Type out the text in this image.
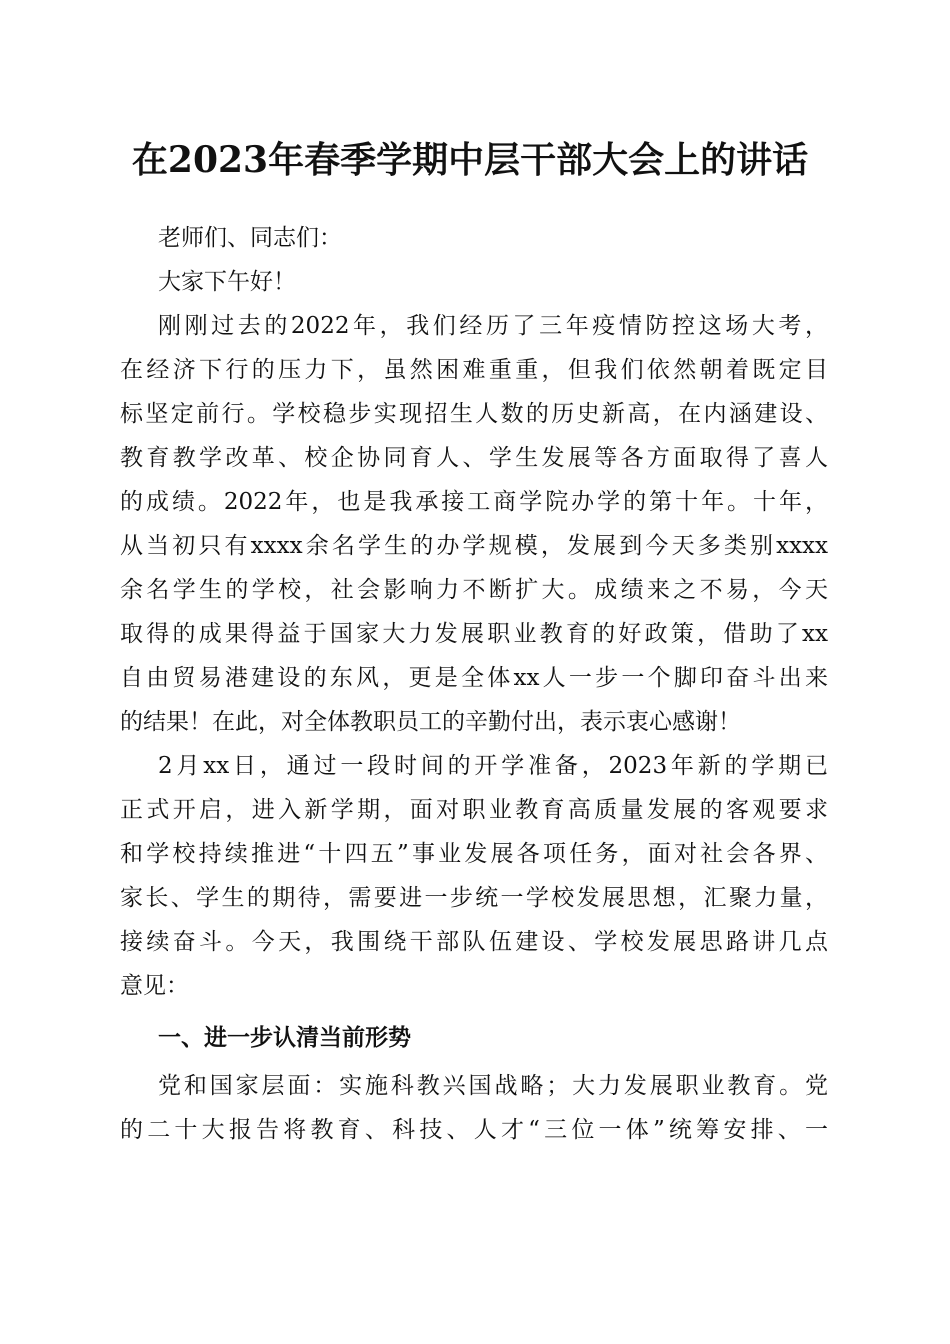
在2023年春季学期中层干部大会上的讲话
老师们、同志们：
大家下午好！
刚刚过去的2022年，我们经历了三年疫情防控这场大考，
在经济下行的压力下，虽然困难重重，但我们依然朝着既定目
标坚定前行。学校稳步实现招生人数的历史新高，在内涵建设、
教育教学改革、校企协同育人、学生发展等各方面取得了喜人
的成绩。2022年，也是我承接工商学院办学的第十年。十年，
从当初只有xxxx余名学生的办学规模，发展到今天多类别xxxx
余名学生的学校，社会影响力不断扩大。成绩来之不易，今天
取得的成果得益于国家大力发展职业教育的好政策，借助了xx
自由贸易港建设的东风，更是全体xx人一步一个脚印奋斗出来
的结果！在此，对全体教职员工的辛勤付出，表示衷心感谢！
2月xx日，通过一段时间的开学准备，2023年新的学期已
正式开启，进入新学期，面对职业教育高质量发展的客观要求
和学校持续推进“十四五”事业发展各项任务，面对社会各界、
家长、学生的期待，需要进一步统一学校发展思想，汇聚力量，
接续奋斗。今天，我围绕干部队伍建设、学校发展思路讲几点
意见：
一、进一步认清当前形势
党和国家层面：实施科教兴国战略；大力发展职业教育。党
的二十大报告将教育、科技、人才“三位一体”统筹安排、一
